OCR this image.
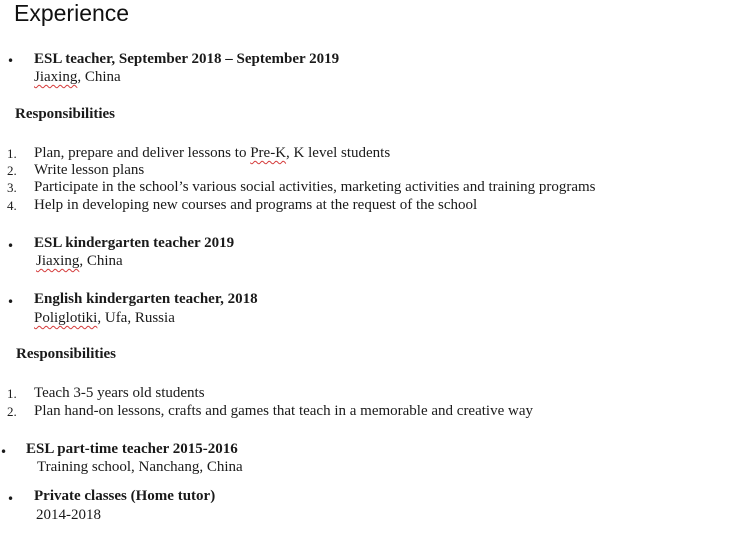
Experience
• ESL teacher, September 2018 – September 2019
Jiaxing, China
Responsibilities
1. Plan, prepare and deliver lessons to Pre-K, K level students
2. Write lesson plans
3. Participate in the school’s various social activities, marketing activities and training programs
4. Help in developing new courses and programs at the request of the school
• ESL kindergarten teacher 2019
Jiaxing, China
• English kindergarten teacher, 2018
Poliglotiki, Ufa, Russia
Responsibilities
1. Teach 3-5 years old students
2. Plan hand-on lessons, crafts and games that teach in a memorable and creative way
• ESL part-time teacher 2015-2016
Training school, Nanchang, China
• Private classes (Home tutor)
2014-2018
